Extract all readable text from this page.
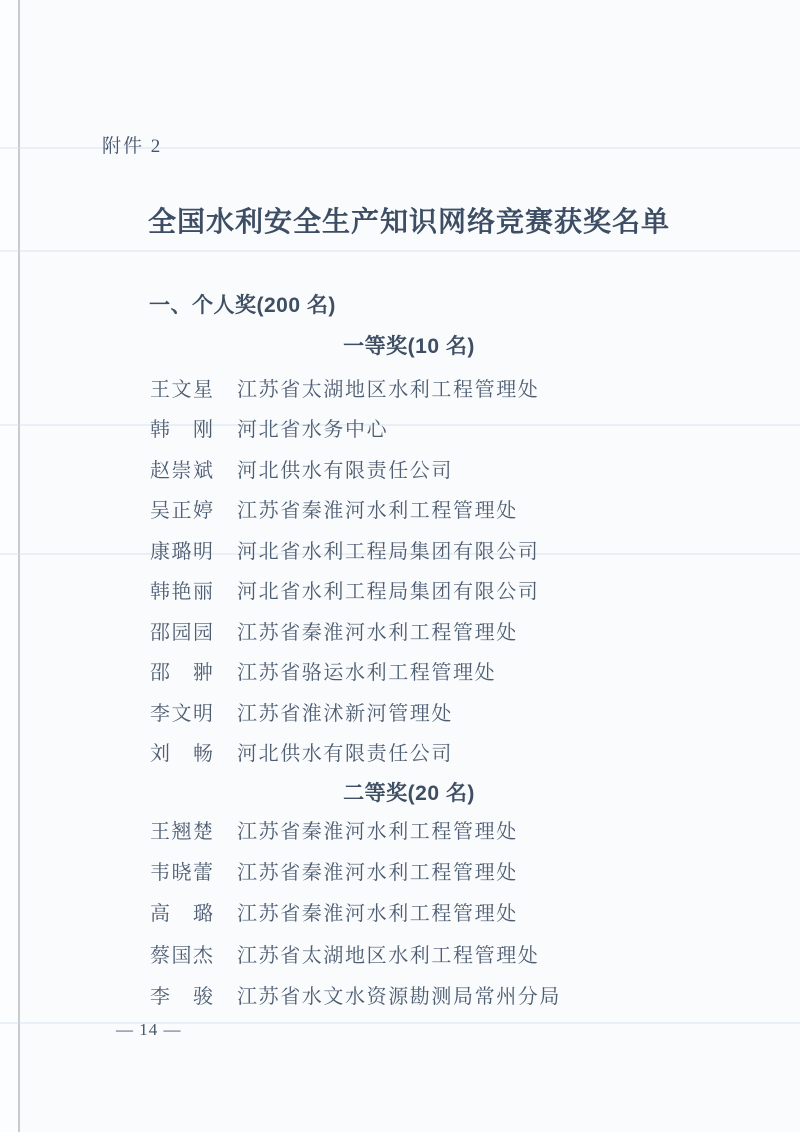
附件 2
全国水利安全生产知识网络竞赛获奖名单
一、个人奖(200 名)
一等奖(10 名)
王文星	江苏省太湖地区水利工程管理处
韩　刚	河北省水务中心
赵崇斌	河北供水有限责任公司
吴正婷	江苏省秦淮河水利工程管理处
康璐明	河北省水利工程局集团有限公司
韩艳丽	河北省水利工程局集团有限公司
邵园园	江苏省秦淮河水利工程管理处
邵　翀	江苏省骆运水利工程管理处
李文明	江苏省淮沭新河管理处
刘　畅	河北供水有限责任公司
二等奖(20 名)
王翘楚	江苏省秦淮河水利工程管理处
韦晓蕾	江苏省秦淮河水利工程管理处
高　璐	江苏省秦淮河水利工程管理处
蔡国杰	江苏省太湖地区水利工程管理处
李　骏	江苏省水文水资源勘测局常州分局
— 14 —
